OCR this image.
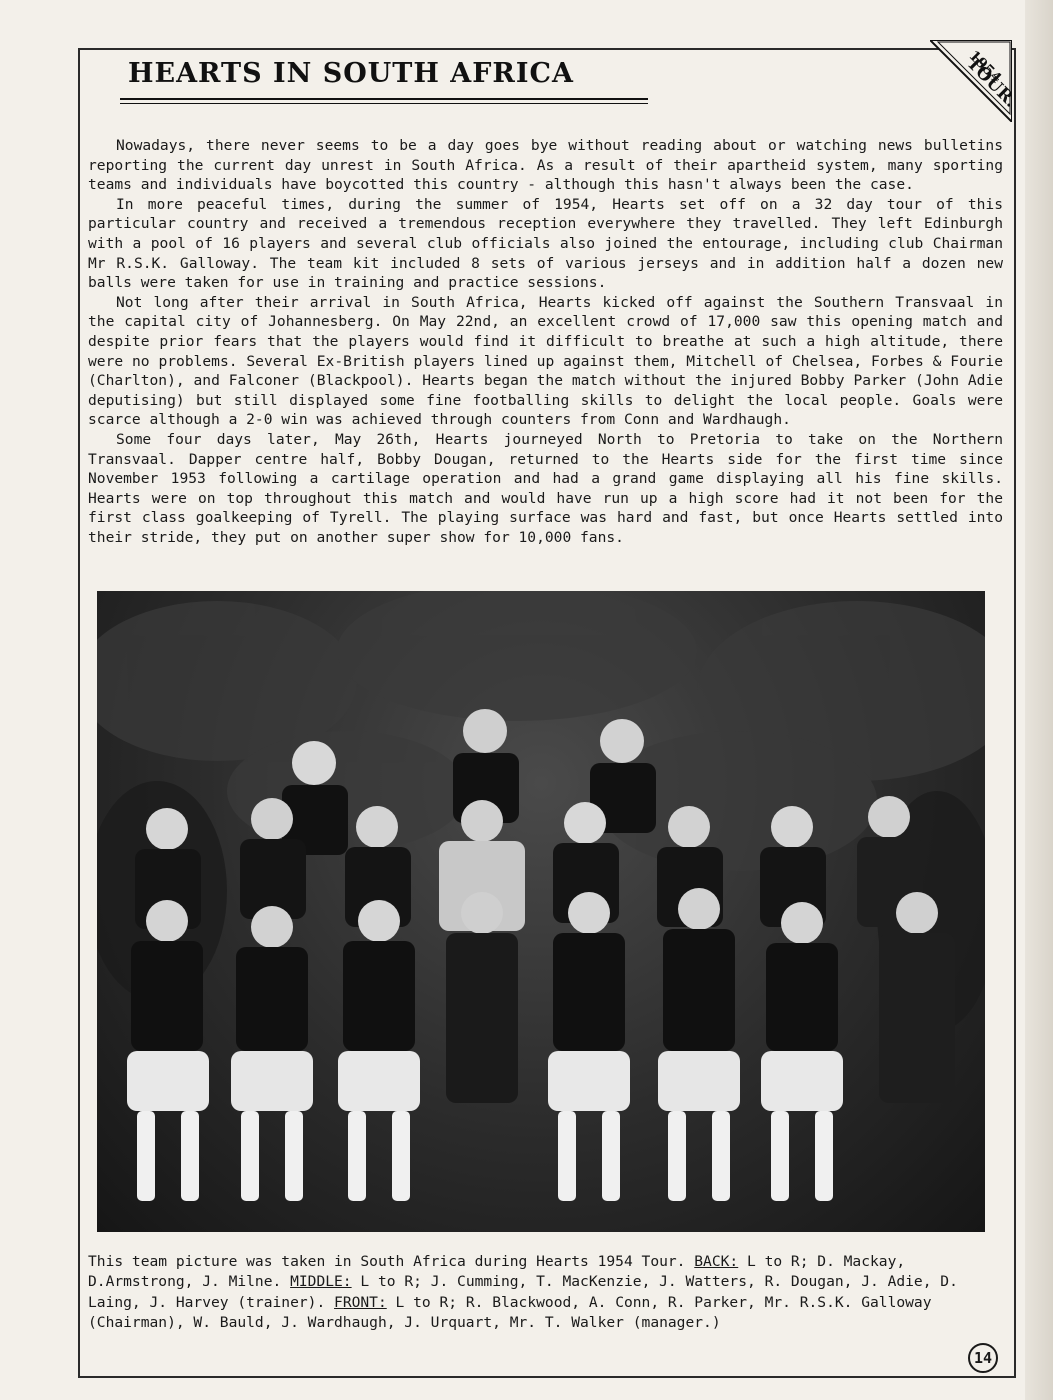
HEARTS IN SOUTH AFRICA	1954
TOUR.

Nowadays, there never seems to be a day goes bye without reading about or watching news bulletins reporting the current day unrest in South Africa. As a result of their apartheid system, many sporting teams and individuals have boycotted this country - although this hasn't always been the case.

In more peaceful times, during the summer of 1954, Hearts set off on a 32 day tour of this particular country and received a tremendous reception everywhere they travelled. They left Edinburgh with a pool of 16 players and several club officials also joined the entourage, including club Chairman Mr R.S.K. Galloway. The team kit included 8 sets of various jerseys and in addition half a dozen new balls were taken for use in training and practice sessions.

Not long after their arrival in South Africa, Hearts kicked off against the Southern Transvaal in the capital city of Johannesberg. On May 22nd, an excellent crowd of 17,000 saw this opening match and despite prior fears that the players would find it difficult to breathe at such a high altitude, there were no problems. Several Ex-British players lined up against them, Mitchell of Chelsea, Forbes & Fourie (Charlton), and Falconer (Blackpool). Hearts began the match without the injured Bobby Parker (John Adie deputising) but still displayed some fine footballing skills to delight the local people. Goals were scarce although a 2-0 win was achieved through counters from Conn and Wardhaugh.

Some four days later, May 26th, Hearts journeyed North to Pretoria to take on the Northern Transvaal. Dapper centre half, Bobby Dougan, returned to the Hearts side for the first time since November 1953 following a cartilage operation and had a grand game displaying all his fine skills. Hearts were on top throughout this match and would have run up a high score had it not been for the first class goalkeeping of Tyrell. The playing surface was hard and fast, but once Hearts settled into their stride, they put on another super show for 10,000 fans.

This team picture was taken in South Africa during Hearts 1954 Tour. BACK: L to R; D. Mackay, D.Armstrong, J. Milne. MIDDLE: L to R; J. Cumming, T. MacKenzie, J. Watters, R. Dougan, J. Adie, D. Laing, J. Harvey (trainer). FRONT: L to R; R. Blackwood, A. Conn, R. Parker, Mr. R.S.K. Galloway (Chairman), W. Bauld, J. Wardhaugh, J. Urquart, Mr. T. Walker (manager.)
14
